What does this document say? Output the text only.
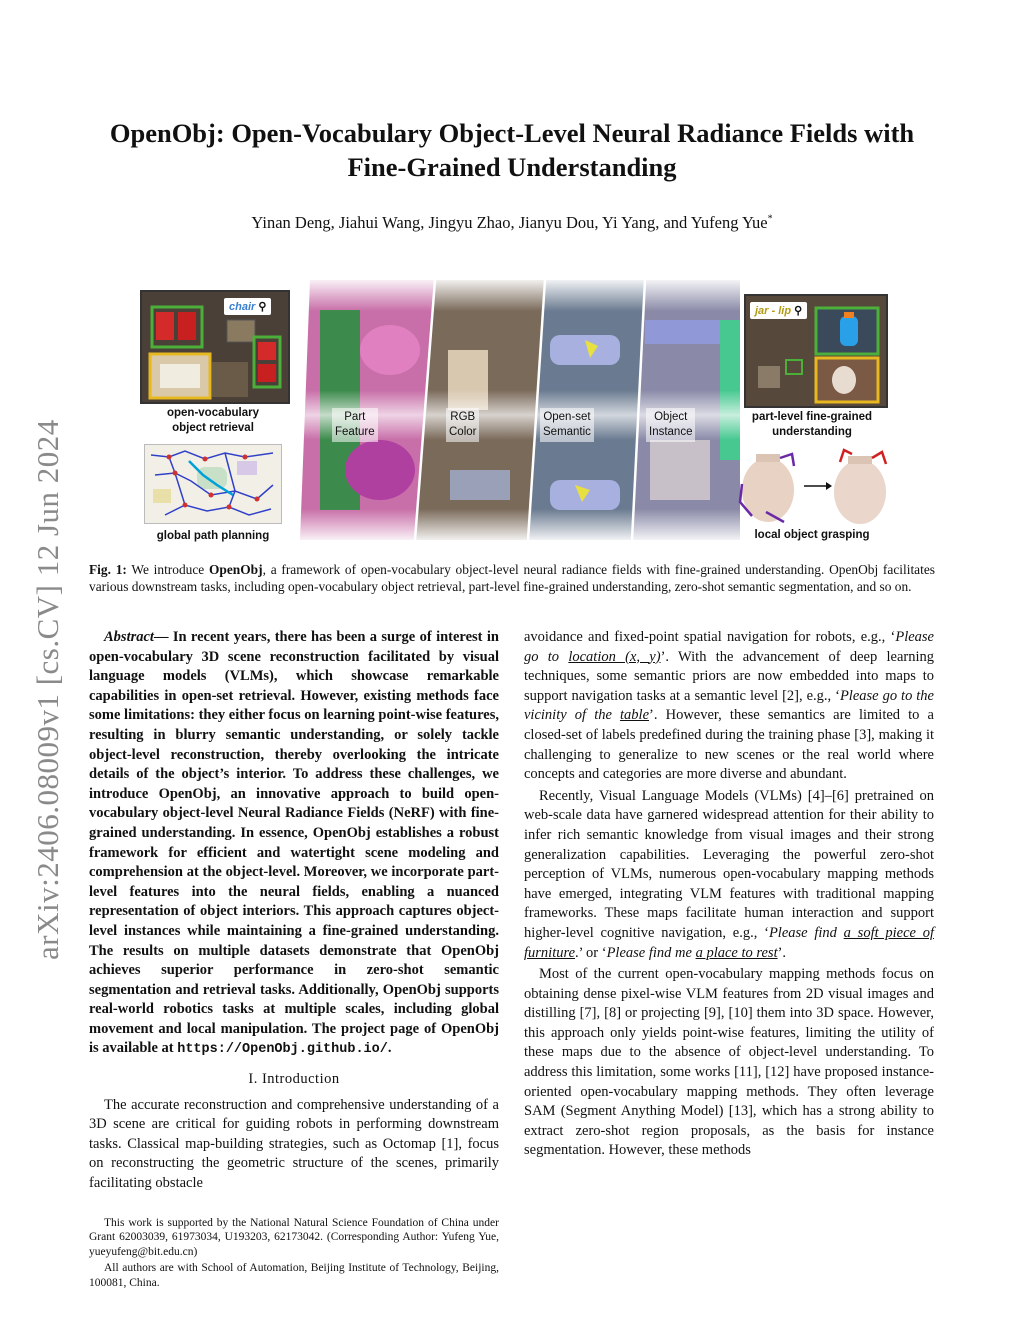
arXiv:2406.08009v1 [cs.CV] 12 Jun 2024
OpenObj: Open-Vocabulary Object-Level Neural Radiance Fields with
Fine-Grained Understanding
Yinan Deng, Jiahui Wang, Jingyu Zhao, Jianyu Dou, Yi Yang, and Yufeng Yue*
chair ⚲
open-vocabulary
object retrieval
global path planning
Part
Feature
RGB
Color
Open-set
Semantic
Object
Instance
jar - lip ⚲
part-level fine-grained
understanding
local object grasping
Fig. 1: We introduce OpenObj, a framework of open-vocabulary object-level neural radiance fields with fine-grained understanding. OpenObj facilitates various downstream tasks, including open-vocabulary object retrieval, part-level fine-grained understanding, zero-shot semantic segmentation, and so on.

Abstract— In recent years, there has been a surge of interest in open-vocabulary 3D scene reconstruction facilitated by visual language models (VLMs), which showcase remarkable capabilities in open-set retrieval. However, existing methods face some limitations: they either focus on learning point-wise features, resulting in blurry semantic understanding, or solely tackle object-level reconstruction, thereby overlooking the intricate details of the object’s interior. To address these challenges, we introduce OpenObj, an innovative approach to build open-vocabulary object-level Neural Radiance Fields (NeRF) with fine-grained understanding. In essence, OpenObj establishes a robust framework for efficient and watertight scene modeling and comprehension at the object-level. Moreover, we incorporate part-level features into the neural fields, enabling a nuanced representation of object interiors. This approach captures object-level instances while maintaining a fine-grained understanding. The results on multiple datasets demonstrate that OpenObj achieves superior performance in zero-shot semantic segmentation and retrieval tasks. Additionally, OpenObj supports real-world robotics tasks at multiple scales, including global movement and local manipulation. The project page of OpenObj is available at https://OpenObj.github.io/.

I. Introduction

The accurate reconstruction and comprehensive understanding of a 3D scene are critical for guiding robots in performing downstream tasks. Classical map-building strategies, such as Octomap [1], focus on reconstructing the geometric structure of the scenes, primarily facilitating obstacle

This work is supported by the National Natural Science Foundation of China under Grant 62003039, 61973034, U193203, 62173042. (Corresponding Author: Yufeng Yue, yueyufeng@bit.edu.cn)

All authors are with School of Automation, Beijing Institute of Technology, Beijing, 100081, China.

avoidance and fixed-point spatial navigation for robots, e.g., ‘Please go to location (x, y)’. With the advancement of deep learning techniques, some semantic priors are now embedded into maps to support navigation tasks at a semantic level [2], e.g., ‘Please go to the vicinity of the table’. However, these semantics are limited to a closed-set of labels predefined during the training phase [3], making it challenging to generalize to new scenes or the real world where concepts and categories are more diverse and abundant.

Recently, Visual Language Models (VLMs) [4]–[6] pretrained on web-scale data have garnered widespread attention for their ability to infer rich semantic knowledge from visual images and their strong generalization capabilities. Leveraging the powerful zero-shot perception of VLMs, numerous open-vocabulary mapping methods have emerged, integrating VLM features with traditional mapping frameworks. These maps facilitate human interaction and support higher-level cognitive navigation, e.g., ‘Please find a soft piece of furniture.’ or ‘Please find me a place to rest’.

Most of the current open-vocabulary mapping methods focus on obtaining dense pixel-wise VLM features from 2D visual images and distilling [7], [8] or projecting [9], [10] them into 3D space. However, this approach only yields point-wise features, limiting the utility of these maps due to the absence of object-level understanding. To address this limitation, some works [11], [12] have proposed instance-oriented open-vocabulary mapping methods. They often leverage SAM (Segment Anything Model) [13], which has a strong ability to extract zero-shot region proposals, as the basis for instance segmentation. However, these methods
